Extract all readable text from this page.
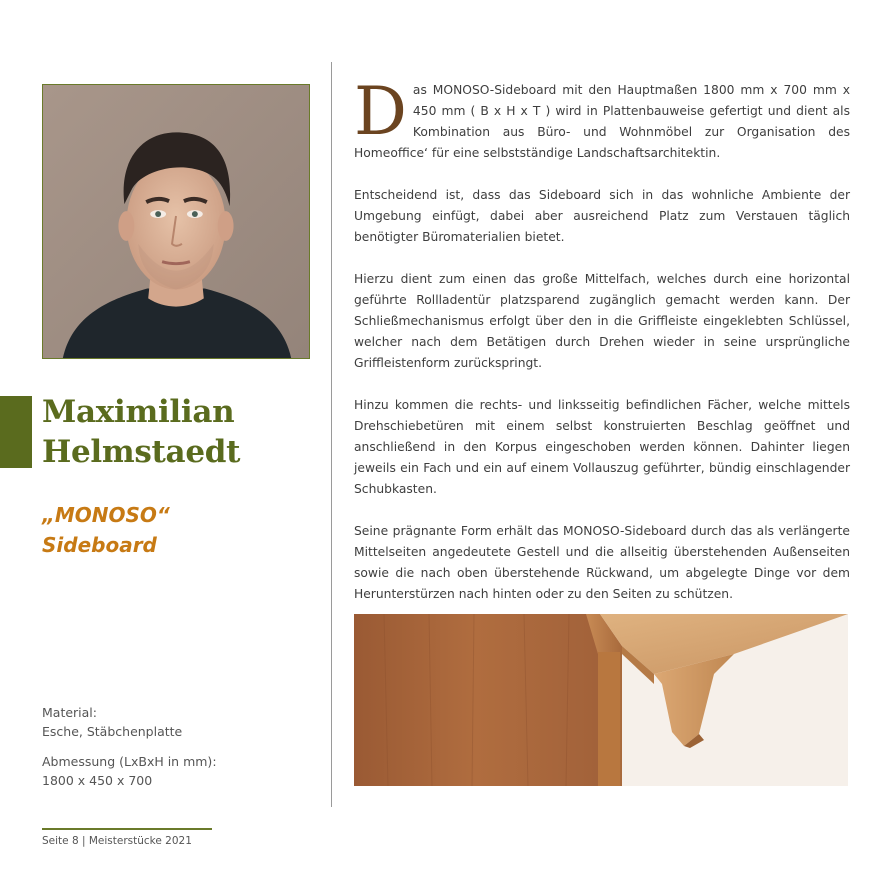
Maximilian
Helmstaedt
„MONOSO“
Sideboard
Material:
Esche, Stäbchenplatte
Abmessung (LxBxH in mm):
1800 x 450 x 700
Seite 8 | Meisterstücke 2021

D as MONOSO-Sideboard mit den Hauptmaßen 1800 mm x 700 mm x 450 mm ( B x H x T ) wird in Plattenbauweise gefertigt und dient als Kombination aus Büro- und Wohnmöbel zur Organisation des Homeoffice‘ für eine selbstständige Landschaftsarchitektin.

Entscheidend ist, dass das Sideboard sich in das wohnliche Ambiente der Umgebung einfügt, dabei aber ausreichend Platz zum Verstauen täglich benötigter Büromaterialien bietet.

Hierzu dient zum einen das große Mittelfach, welches durch eine horizontal geführte Rollladentür platzsparend zugänglich gemacht werden kann. Der Schließmechanismus erfolgt über den in die Griffleiste eingeklebten Schlüssel, welcher nach dem Betätigen durch Drehen wieder in seine ursprüngliche Griffleistenform zurückspringt.

Hinzu kommen die rechts- und linksseitig befindlichen Fächer, welche mittels Drehschiebetüren mit einem selbst konstruierten Beschlag geöffnet und anschließend in den Korpus eingeschoben werden können. Dahinter liegen jeweils ein Fach und ein auf einem Vollauszug geführter, bündig einschlagender Schubkasten.

Seine prägnante Form erhält das MONOSO-Sideboard durch das als verlängerte Mittelseiten angedeutete Gestell und die allseitig überstehenden Außenseiten sowie die nach oben überstehende Rückwand, um abgelegte Dinge vor dem Herunterstürzen nach hinten oder zu den Seiten zu schützen.
